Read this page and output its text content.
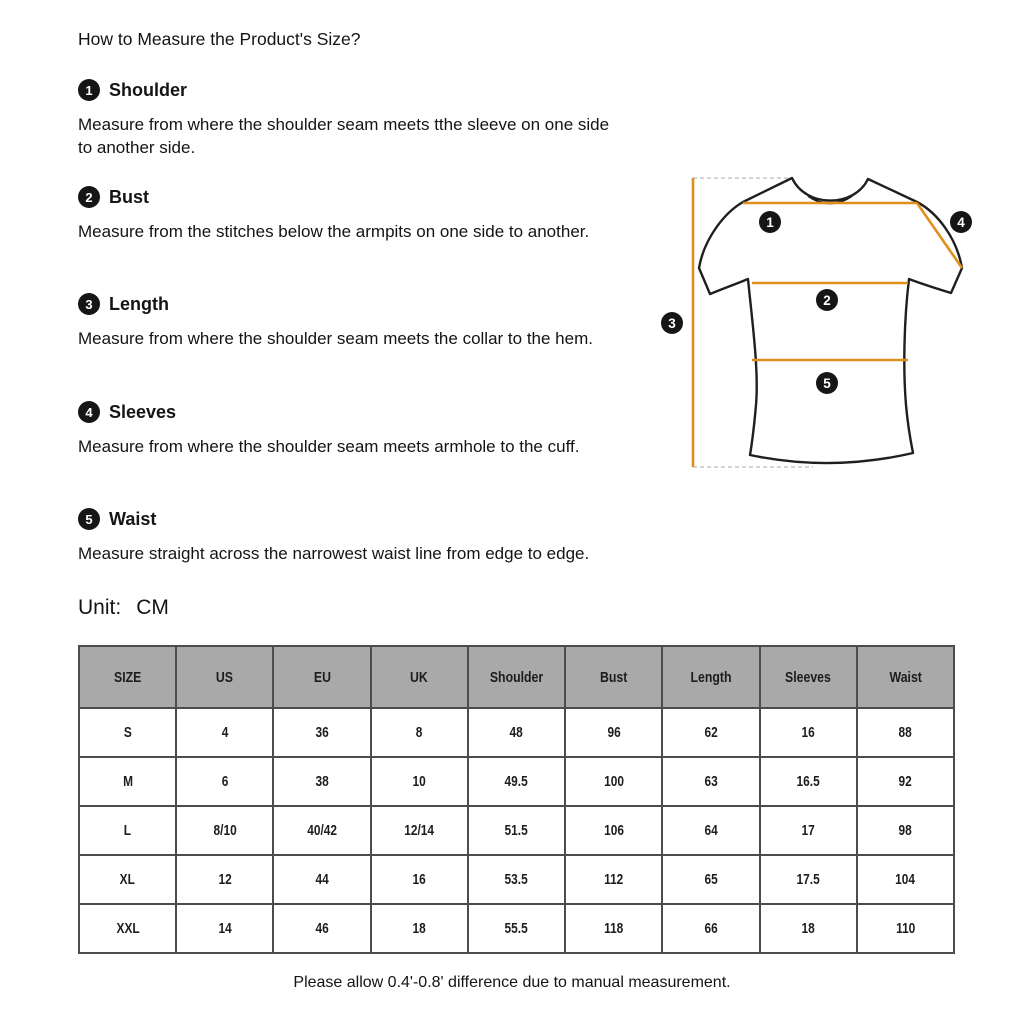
How to Measure the Product's Size?
1 Shoulder

Measure from where the shoulder seam meets tthe sleeve on one side to another side.

2 Bust

Measure from the stitches below the armpits on one side to another.

3 Length

Measure from where the shoulder seam meets the collar to the hem.

4 Sleeves

Measure from where the shoulder seam meets armhole to the cuff.

5 Waist

Measure straight across the narrowest waist line from edge to edge.

Unit: CM
1
2
3
4
5
SIZE	US	EU	UK	Shoulder	Bust	Length	Sleeves	Waist
S	4	36	8	48	96	62	16	88
M	6	38	10	49.5	100	63	16.5	92
L	8/10	40/42	12/14	51.5	106	64	17	98
XL	12	44	16	53.5	112	65	17.5	104
XXL	14	46	18	55.5	118	66	18	110

Please allow 0.4'-0.8' difference due to manual measurement.
